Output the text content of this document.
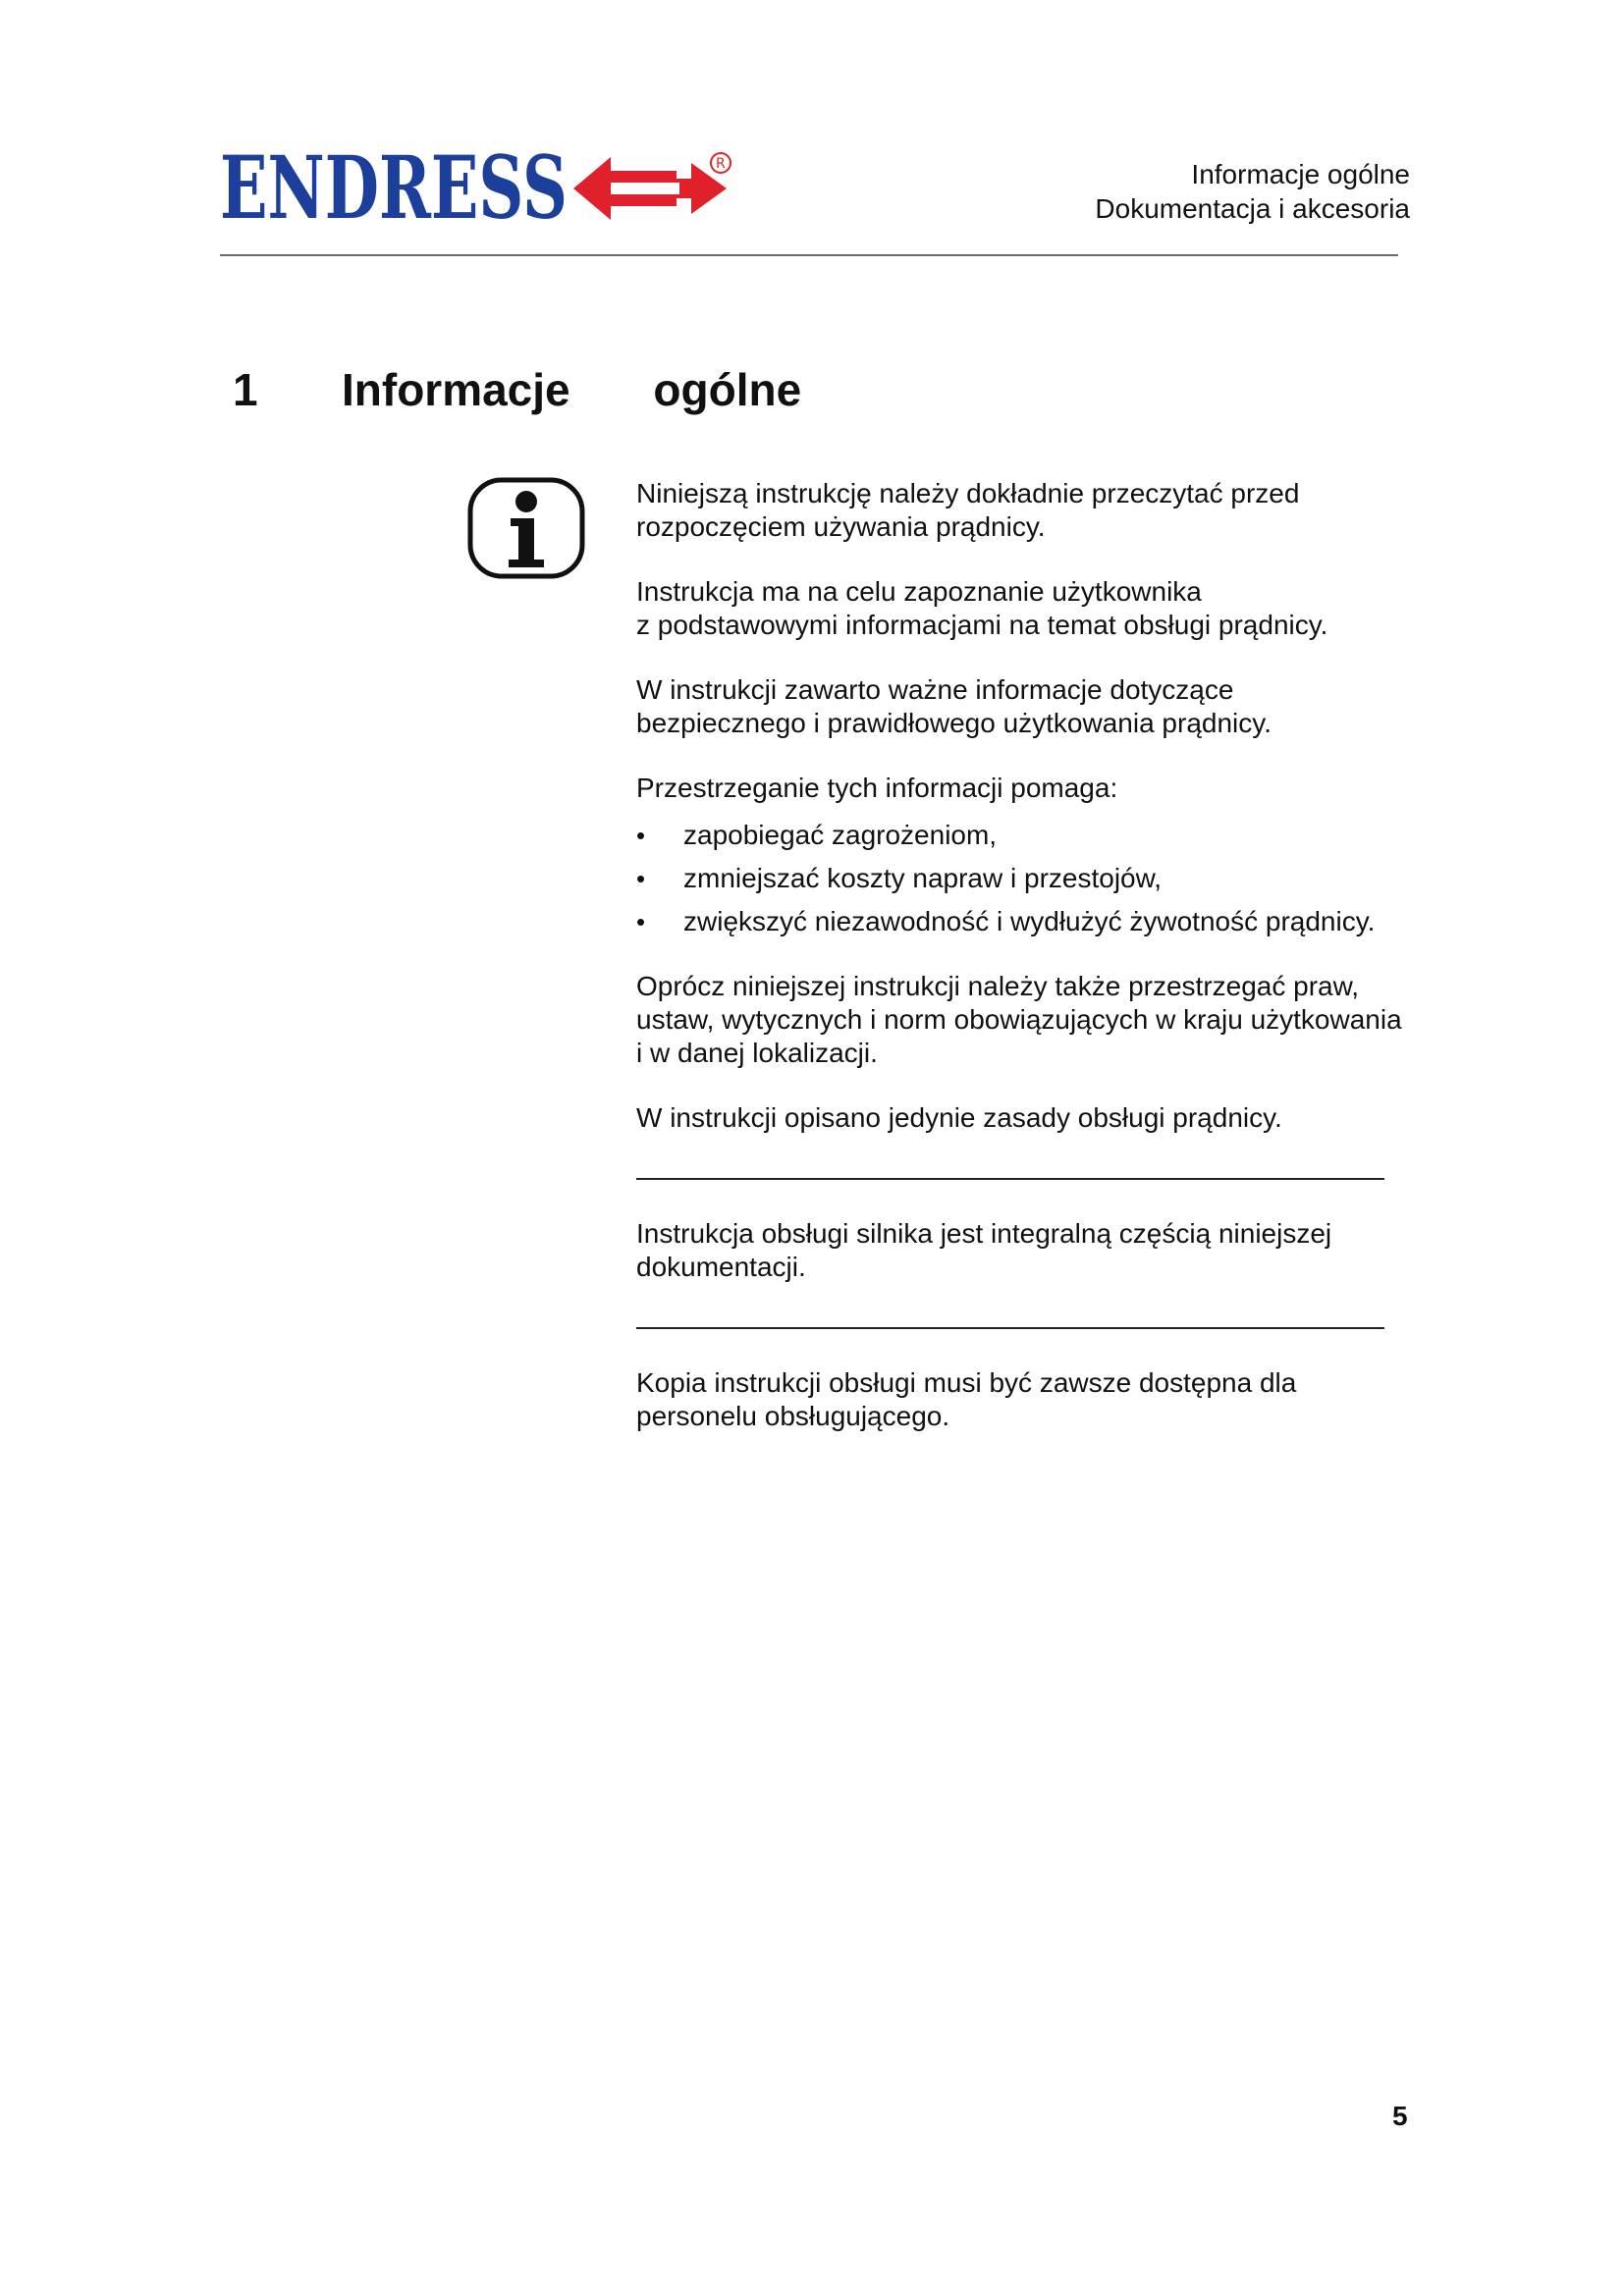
ENDRESS	R	Informacje ogólne
Dokumentacja i akcesoria
1 Informacje ogólne

Niniejszą instrukcję należy dokładnie przeczytać przed rozpoczęciem używania prądnicy.

Instrukcja ma na celu zapoznanie użytkownika
z podstawowymi informacjami na temat obsługi prądnicy.

W instrukcji zawarto ważne informacje dotyczące bezpiecznego i prawidłowego użytkowania prądnicy.

Przestrzeganie tych informacji pomaga:

• zapobiegać zagrożeniom,
• zmniejszać koszty napraw i przestojów,
• zwiększyć niezawodność i wydłużyć żywotność prądnicy.

Oprócz niniejszej instrukcji należy także przestrzegać praw, ustaw, wytycznych i norm obowiązujących w kraju użytkowania i w danej lokalizacji.

W instrukcji opisano jedynie zasady obsługi prądnicy.

Instrukcja obsługi silnika jest integralną częścią niniejszej dokumentacji.

Kopia instrukcji obsługi musi być zawsze dostępna dla personelu obsługującego.

5
